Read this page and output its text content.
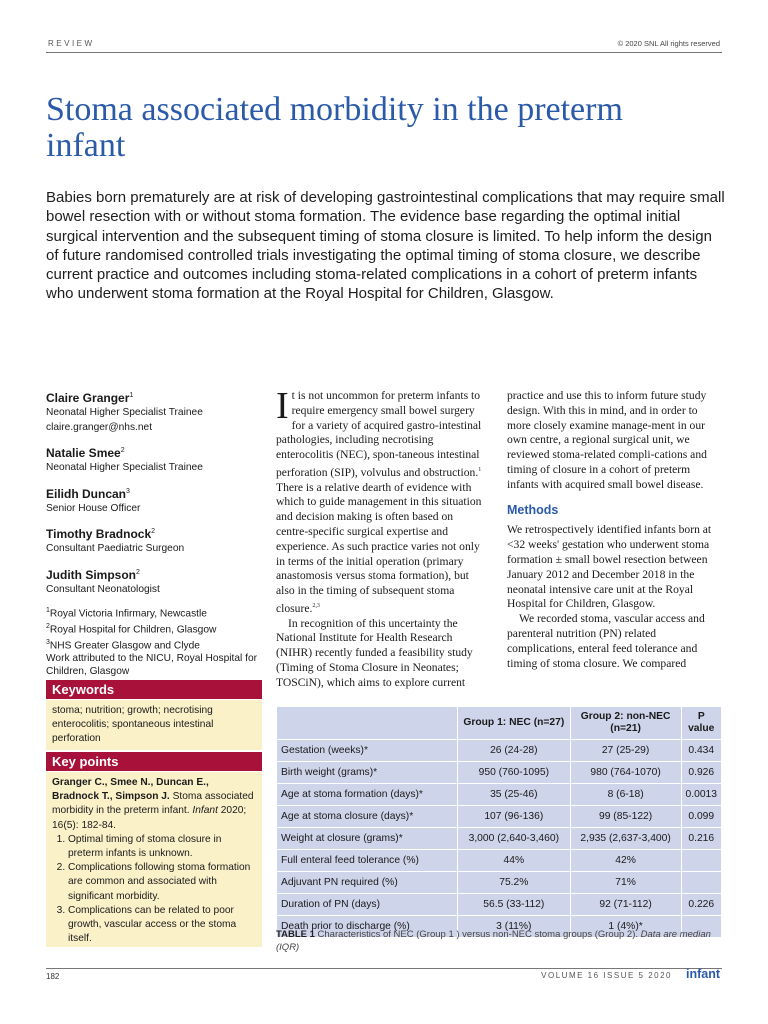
REVIEW	© 2020 SNL All rights reserved
Stoma associated morbidity in the preterm infant

Babies born prematurely are at risk of developing gastrointestinal complications that may require small bowel resection with or without stoma formation. The evidence base regarding the optimal initial surgical intervention and the subsequent timing of stoma closure is limited. To help inform the design of future randomised controlled trials investigating the optimal timing of stoma closure, we describe current practice and outcomes including stoma-related complications in a cohort of preterm infants who underwent stoma formation at the Royal Hospital for Children, Glasgow.

Claire Granger$^1$
Neonatal Higher Specialist Trainee
claire.granger@nhs.net
Natalie Smee$^2$
Neonatal Higher Specialist Trainee
Eilidh Duncan$^3$
Senior House Officer
Timothy Bradnock$^2$
Consultant Paediatric Surgeon
Judith Simpson$^2$
Consultant Neonatologist
$^1$Royal Victoria Infirmary, Newcastle
$^2$Royal Hospital for Children, Glasgow
$^3$NHS Greater Glasgow and Clyde
Work attributed to the NICU, Royal Hospital for Children, Glasgow
Keywords
stoma; nutrition; growth; necrotising enterocolitis; spontaneous intestinal perforation
Key points
Granger C., Smee N., Duncan E., Bradnock T., Simpson J. Stoma associated morbidity in the preterm infant. Infant 2020; 16(5): 182-84.
1. Optimal timing of stoma closure in preterm infants is unknown.
2. Complications following stoma formation are common and associated with significant morbidity.
3. Complications can be related to poor growth, vascular access or the stoma itself.

It is not uncommon for preterm infants to require emergency small bowel surgery for a variety of acquired gastro-intestinal pathologies, including necrotising enterocolitis (NEC), spon-taneous intestinal perforation (SIP), volvulus and obstruction.$^1$ There is a relative dearth of evidence with which to guide management in this situation and decision making is often based on centre-specific surgical expertise and experience. As such practice varies not only in terms of the initial operation (primary anastomosis versus stoma formation), but also in the timing of subsequent stoma closure.$^{2,3}$

In recognition of this uncertainty the National Institute for Health Research (NIHR) recently funded a feasibility study (Timing of Stoma Closure in Neonates; TOSCiN), which aims to explore current

practice and use this to inform future study design. With this in mind, and in order to more closely examine manage-ment in our own centre, a regional surgical unit, we reviewed stoma-related compli-cations and timing of closure in a cohort of preterm infants with acquired small bowel disease.

Methods

We retrospectively identified infants born at <32 weeks' gestation who underwent stoma formation ± small bowel resection between January 2012 and December 2018 in the neonatal intensive care unit at the Royal Hospital for Children, Glasgow.

We recorded stoma, vascular access and parenteral nutrition (PN) related complications, enteral feed tolerance and timing of stoma closure. We compared

	Group 1: NEC (n=27)	Group 2: non-NEC (n=21)	P value
Gestation (weeks)*	26 (24-28)	27 (25-29)	0.434
Birth weight (grams)*	950 (760-1095)	980 (764-1070)	0.926
Age at stoma formation (days)*	35 (25-46)	8 (6-18)	0.0013
Age at stoma closure (days)*	107 (96-136)	99 (85-122)	0.099
Weight at closure (grams)*	3,000 (2,640-3,460)	2,935 (2,637-3,400)	0.216
Full enteral feed tolerance (%)	44%	42%	
Adjuvant PN required (%)	75.2%	71%	
Duration of PN (days)	56.5 (33-112)	92 (71-112)	0.226
Death prior to discharge (%)	3 (11%)	1 (4%)*	
TABLE 1 Characteristics of NEC (Group 1 ) versus non-NEC stoma groups (Group 2). Data are median (IQR)
182	VOLUME 16 ISSUE 5 2020 infant
